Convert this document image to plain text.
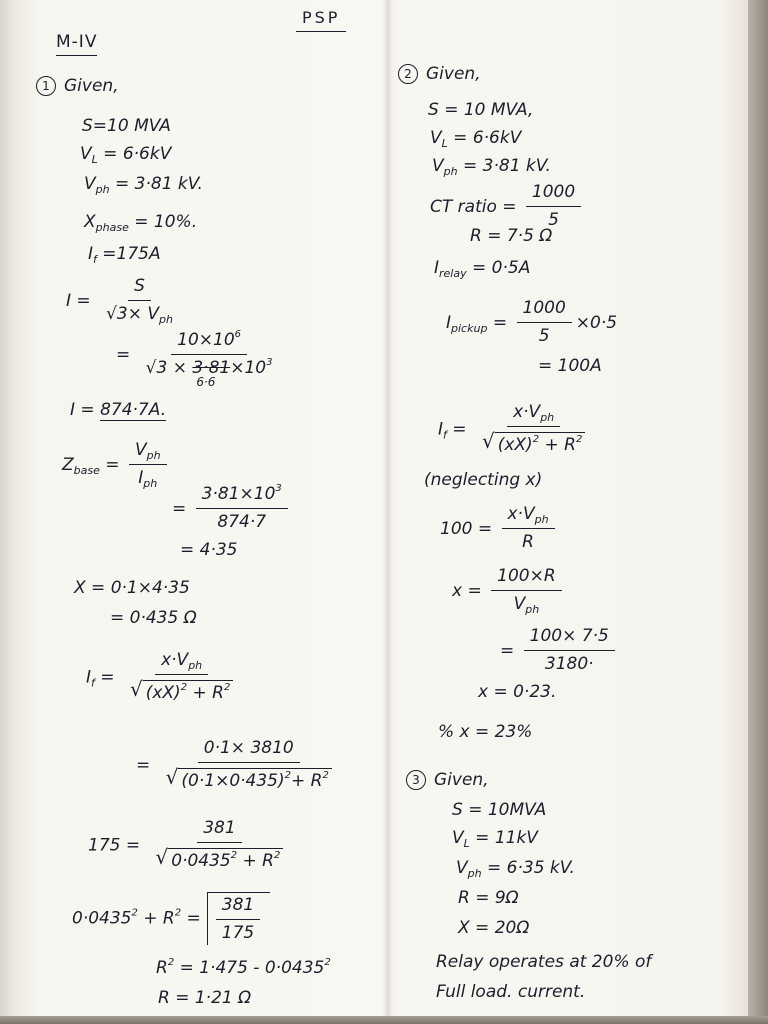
PSP
M-IV
1 Given,
S=10 MVA
$V_L = 6\cdot 6kV$
$V_{ph} = 3\cdot 81$ kV.
$X_{phase} = 10\%$.
$I_f =175A$
$I = \frac{S}{√3\times V_{ph}}$
= $10\times 10^6$
√3 × 3·81
6·6
$\times 10^3$
I = 874·7A.
$Z_{base} = \frac{V_{ph}}{I_{ph}}$
= $\frac{3\cdot 81\times 10^3}{874\cdot 7}$
= 4·35
X = 0·1×4·35
= 0·435 Ω
$I_f = \frac{x\cdot V_{ph}}{√ (xX)^2 + R^2}$
= $\frac{0\cdot 1\times 3810}{√ (0\cdot 1\times 0\cdot 435)^2+ R^2}$
$175 = \frac{381}{√ 0\cdot 0435^2 + R^2}$
$0\cdot 0435^2 + R^2 = \frac{381}{175}$
$R^2 = 1\cdot 475 - 0\cdot 0435^2$
R = 1·21 Ω
2 Given,
S = 10 MVA,
$V_L = 6\cdot 6kV$
$V_{ph} = 3\cdot 81$ kV.
CT ratio = $\frac{1000}{5}$
R = 7·5 Ω
$I_{relay} = 0\cdot 5A$
$I_{pickup} = \frac{1000}{5} \times 0\cdot 5$
= 100A
$I_f = \frac{x\cdot V_{ph}}{√ (xX)^2 + R^2}$
(neglecting x)
$100 = \frac{x\cdot V_{ph}}{R}$
$x = \frac{100\times R}{V_{ph}}$
= $\frac{100\times 7\cdot 5}{3180\cdot}$
x = 0·23.
% x = 23%
3 Given,
S = 10MVA
$V_L = 11kV$
$V_{ph} = 6\cdot 35$ kV.
R = 9Ω
X = 20Ω
Relay operates at 20% of
Full load. current.
